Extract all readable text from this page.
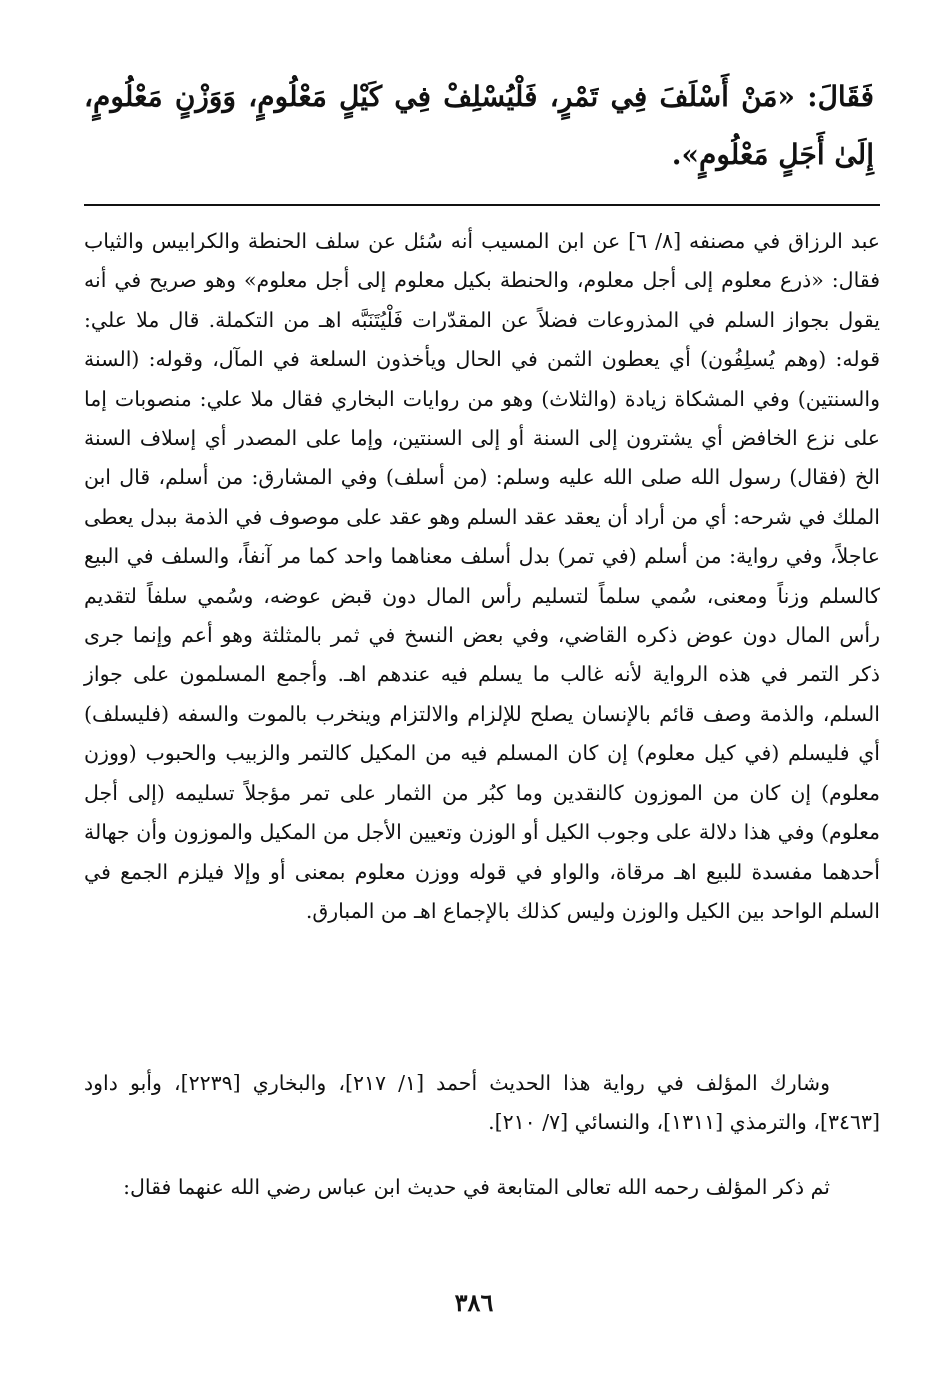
فَقَالَ: «مَنْ أَسْلَفَ فِي تَمْرٍ، فَلْيُسْلِفْ فِي كَيْلٍ مَعْلُومٍ، وَوَزْنٍ مَعْلُومٍ، إِلَىٰ أَجَلٍ مَعْلُومٍ».

عبد الرزاق في مصنفه [٨/ ٦] عن ابن المسيب أنه سُئل عن سلف الحنطة والكرابيس والثياب فقال: «ذرع معلوم إلى أجل معلوم، والحنطة بكيل معلوم إلى أجل معلوم» وهو صريح في أنه يقول بجواز السلم في المذروعات فضلاً عن المقدّرات فَلْيُتَنَبَّه اهـ من التكملة. قال ملا علي: قوله: (وهم يُسلِفُون) أي يعطون الثمن في الحال ويأخذون السلعة في المآل، وقوله: (السنة والسنتين) وفي المشكاة زيادة (والثلاث) وهو من روايات البخاري فقال ملا علي: منصوبات إما على نزع الخافض أي يشترون إلى السنة أو إلى السنتين، وإما على المصدر أي إسلاف السنة الخ (فقال) رسول الله صلى الله عليه وسلم: (من أسلف) وفي المشارق: من أسلم، قال ابن الملك في شرحه: أي من أراد أن يعقد عقد السلم وهو عقد على موصوف في الذمة ببدل يعطى عاجلاً، وفي رواية: من أسلم (في تمر) بدل أسلف معناهما واحد كما مر آنفاً، والسلف في البيع كالسلم وزناً ومعنى، سُمي سلماً لتسليم رأس المال دون قبض عوضه، وسُمي سلفاً لتقديم رأس المال دون عوض ذكره القاضي، وفي بعض النسخ في ثمر بالمثلثة وهو أعم وإنما جرى ذكر التمر في هذه الرواية لأنه غالب ما يسلم فيه عندهم اهـ. وأجمع المسلمون على جواز السلم، والذمة وصف قائم بالإنسان يصلح للإلزام والالتزام وينخرب بالموت والسفه (فليسلف) أي فليسلم (في كيل معلوم) إن كان المسلم فيه من المكيل كالتمر والزبيب والحبوب (ووزن معلوم) إن كان من الموزون كالنقدين وما كبُر من الثمار على تمر مؤجلاً تسليمه (إلى أجل معلوم) وفي هذا دلالة على وجوب الكيل أو الوزن وتعيين الأجل من المكيل والموزون وأن جهالة أحدهما مفسدة للبيع اهـ مرقاة، والواو في قوله ووزن معلوم بمعنى أو وإلا فيلزم الجمع في السلم الواحد بين الكيل والوزن وليس كذلك بالإجماع اهـ من المبارق.

وشارك المؤلف في رواية هذا الحديث أحمد [١/ ٢١٧]، والبخاري [٢٢٣٩]، وأبو داود [٣٤٦٣]، والترمذي [١٣١١]، والنسائي [٧/ ٢١٠].

ثم ذكر المؤلف رحمه الله تعالى المتابعة في حديث ابن عباس رضي الله عنهما فقال:

٣٨٦
